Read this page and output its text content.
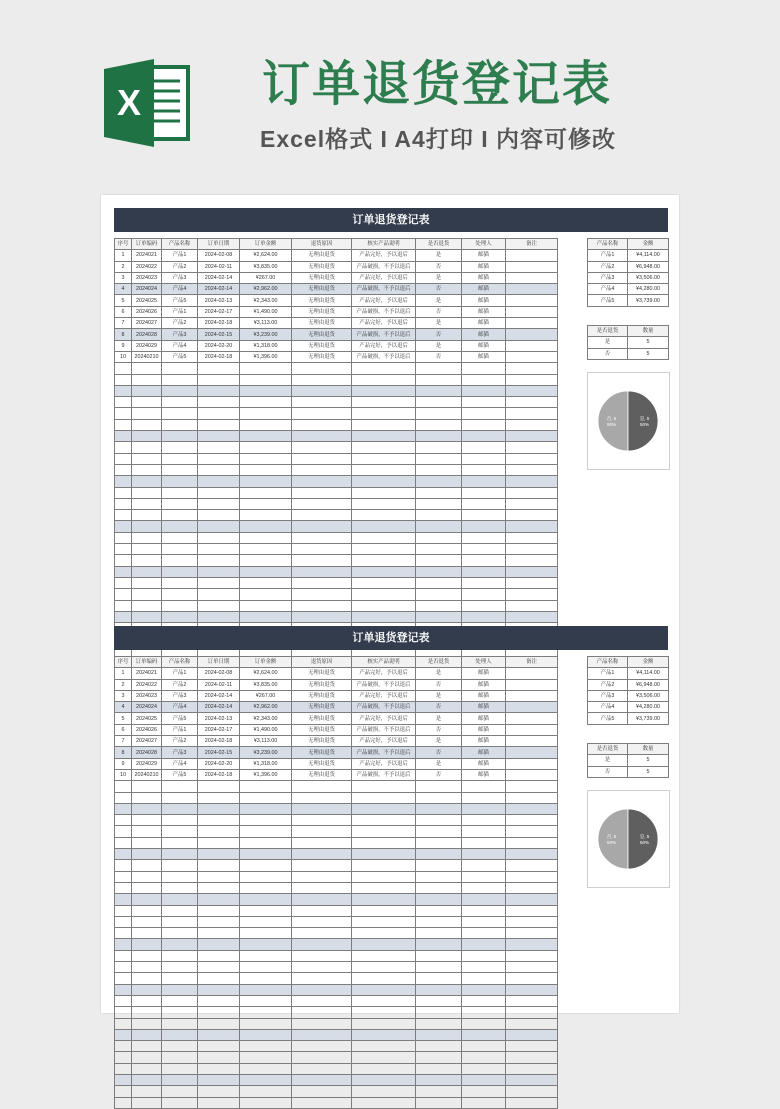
X	订单退货登记表
Excel格式 I A4打印 I 内容可修改
订单退货登记表
序号	订单编码	产品名称	订单日期	订单金额	退货原因	核实产品说明	是否退货	处理人	备注
1	2024021	产品1	2024-02-08	¥2,624.00	无理由退货	产品完好，予以退后	是	邮猫	
2	2024022	产品2	2024-02-11	¥3,835.00	无理由退货	产品破损，不予以退后	否	邮猫	
3	2024023	产品3	2024-02-14	¥267.00	无理由退货	产品完好，予以退后	是	邮猫	
4	2024024	产品4	2024-02-14	¥2,962.00	无理由退货	产品破损，不予以退后	否	邮猫	
5	2024025	产品5	2024-02-13	¥2,343.00	无理由退货	产品完好，予以退后	是	邮猫	
6	2024026	产品1	2024-02-17	¥1,490.00	无理由退货	产品破损，不予以退后	否	邮猫	
7	2024027	产品2	2024-02-18	¥3,113.00	无理由退货	产品完好，予以退后	是	邮猫	
8	2024028	产品3	2024-02-15	¥3,239.00	无理由退货	产品破损，不予以退后	否	邮猫	
9	2024029	产品4	2024-02-20	¥1,318.00	无理由退货	产品完好，予以退后	是	邮猫	
10	20240210	产品5	2024-02-18	¥1,396.00	无理由退货	产品破损，不予以退后	否	邮猫	

产品名称	金额
产品1	¥4,114.00
产品2	¥6,948.00
产品3	¥3,506.00
产品4	¥4,280.00
产品5	¥3,739.00
是否退货	数量
是	5
否	5
否, 5
50%
是, 5
50%
订单退货登记表
序号	订单编码	产品名称	订单日期	订单金额	退货原因	核实产品说明	是否退货	处理人	备注
1	2024021	产品1	2024-02-08	¥2,624.00	无理由退货	产品完好，予以退后	是	邮猫	
2	2024022	产品2	2024-02-11	¥3,835.00	无理由退货	产品破损，不予以退后	否	邮猫	
3	2024023	产品3	2024-02-14	¥267.00	无理由退货	产品完好，予以退后	是	邮猫	
4	2024024	产品4	2024-02-14	¥2,962.00	无理由退货	产品破损，不予以退后	否	邮猫	
5	2024025	产品5	2024-02-13	¥2,343.00	无理由退货	产品完好，予以退后	是	邮猫	
6	2024026	产品1	2024-02-17	¥1,490.00	无理由退货	产品破损，不予以退后	否	邮猫	
7	2024027	产品2	2024-02-18	¥3,113.00	无理由退货	产品完好，予以退后	是	邮猫	
8	2024028	产品3	2024-02-15	¥3,239.00	无理由退货	产品破损，不予以退后	否	邮猫	
9	2024029	产品4	2024-02-20	¥1,318.00	无理由退货	产品完好，予以退后	是	邮猫	
10	20240210	产品5	2024-02-18	¥1,396.00	无理由退货	产品破损，不予以退后	否	邮猫	

产品名称	金额
产品1	¥4,114.00
产品2	¥6,948.00
产品3	¥3,506.00
产品4	¥4,280.00
产品5	¥3,739.00
是否退货	数量
是	5
否	5
否, 5
50%
是, 5
50%
